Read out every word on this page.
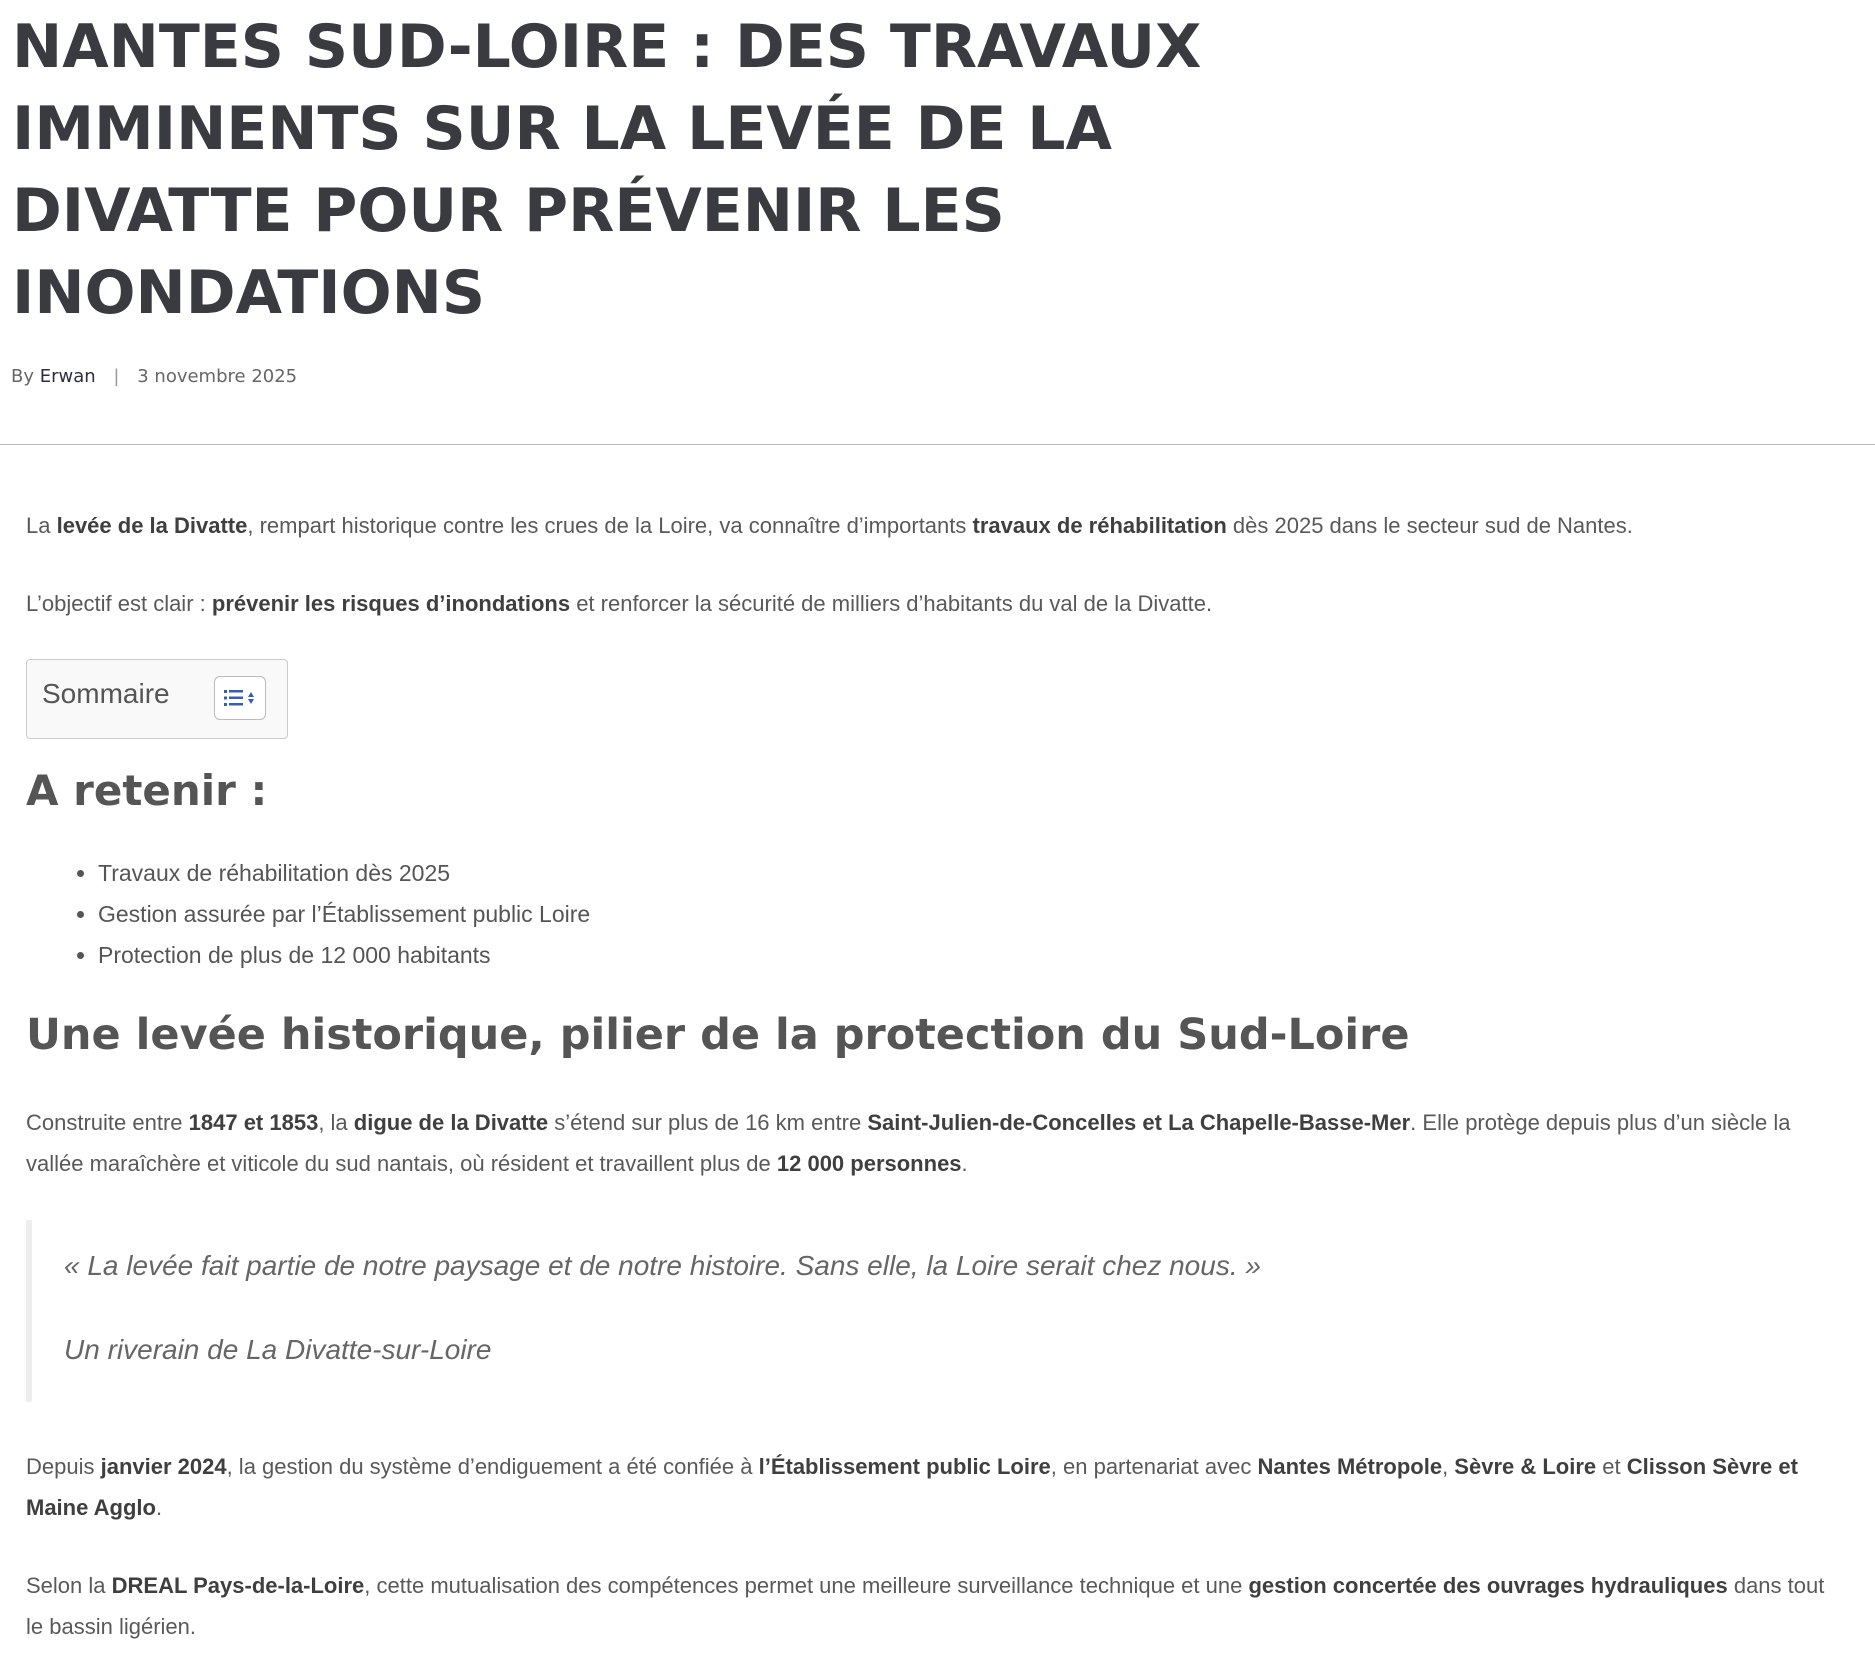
NANTES SUD-LOIRE : DES TRAVAUX IMMINENTS SUR LA LEVÉE DE LA DIVATTE POUR PRÉVENIR LES INONDATIONS
By Erwan | 3 novembre 2025

La levée de la Divatte, rempart historique contre les crues de la Loire, va connaître d’importants travaux de réhabilitation dès 2025 dans le secteur sud de Nantes.

L’objectif est clair : prévenir les risques d’inondations et renforcer la sécurité de milliers d’habitants du val de la Divatte.

Sommaire
A retenir :
• Travaux de réhabilitation dès 2025
• Gestion assurée par l’Établissement public Loire
• Protection de plus de 12 000 habitants
Une levée historique, pilier de la protection du Sud-Loire

Construite entre 1847 et 1853, la digue de la Divatte s’étend sur plus de 16 km entre Saint-Julien-de-Concelles et La Chapelle-Basse-Mer. Elle protège depuis plus d’un siècle la vallée maraîchère et viticole du sud nantais, où résident et travaillent plus de 12 000 personnes.

« La levée fait partie de notre paysage et de notre histoire. Sans elle, la Loire serait chez nous. »
Un riverain de La Divatte-sur-Loire

Depuis janvier 2024, la gestion du système d’endiguement a été confiée à l’Établissement public Loire, en partenariat avec Nantes Métropole, Sèvre & Loire et Clisson Sèvre et Maine Agglo.

Selon la DREAL Pays-de-la-Loire, cette mutualisation des compétences permet une meilleure surveillance technique et une gestion concertée des ouvrages hydrauliques dans tout le bassin ligérien.
